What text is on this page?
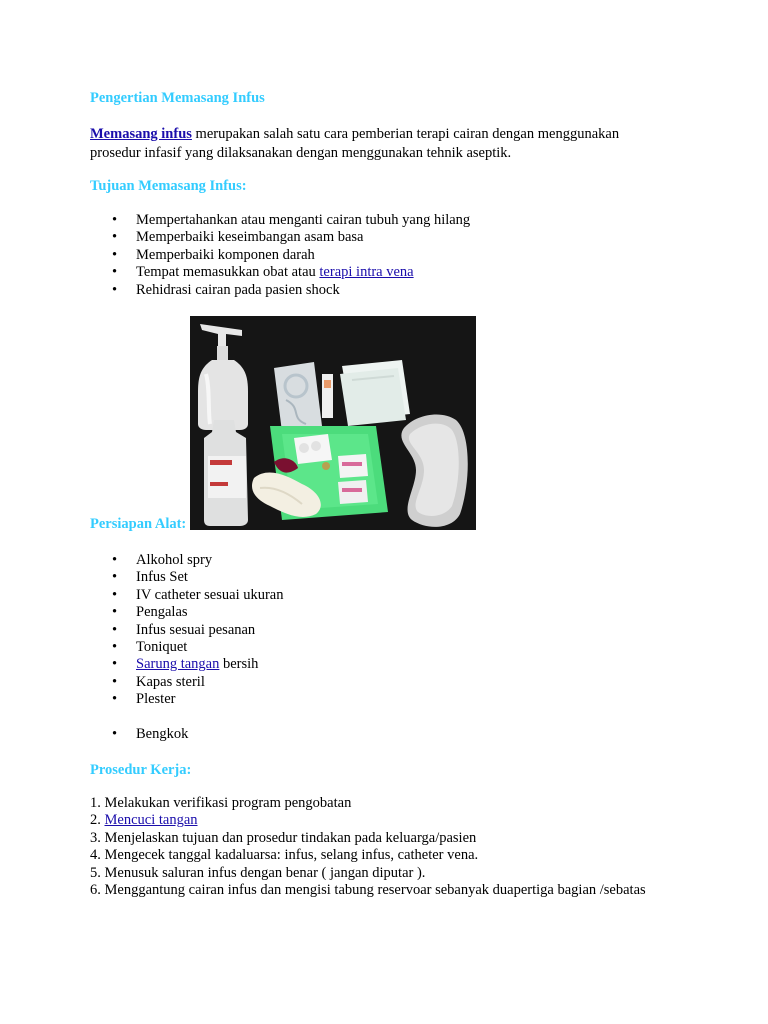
Pengertian Memasang Infus
Memasang infus merupakan salah satu cara pemberian terapi cairan dengan menggunakan
prosedur infasif yang dilaksanakan dengan menggunakan tehnik aseptik.
Tujuan Memasang Infus:
• Mempertahankan atau menganti cairan tubuh yang hilang
• Memperbaiki keseimbangan asam basa
• Memperbaiki komponen darah
• Tempat memasukkan obat atau terapi intra vena
• Rehidrasi cairan pada pasien shock
Persiapan Alat:
• Alkohol spry
• Infus Set
• IV catheter sesuai ukuran
• Pengalas
• Infus sesuai pesanan
• Toniquet
• Sarung tangan bersih
• Kapas steril
• Plester
• Bengkok
Prosedur Kerja:
1. Melakukan verifikasi program pengobatan
2. Mencuci tangan
3. Menjelaskan tujuan dan prosedur tindakan pada keluarga/pasien
4. Mengecek tanggal kadaluarsa: infus, selang infus, catheter vena.
5. Menusuk saluran infus dengan benar ( jangan diputar ).
6. Menggantung cairan infus dan mengisi tabung reservoar sebanyak duapertiga bagian /sebatas
